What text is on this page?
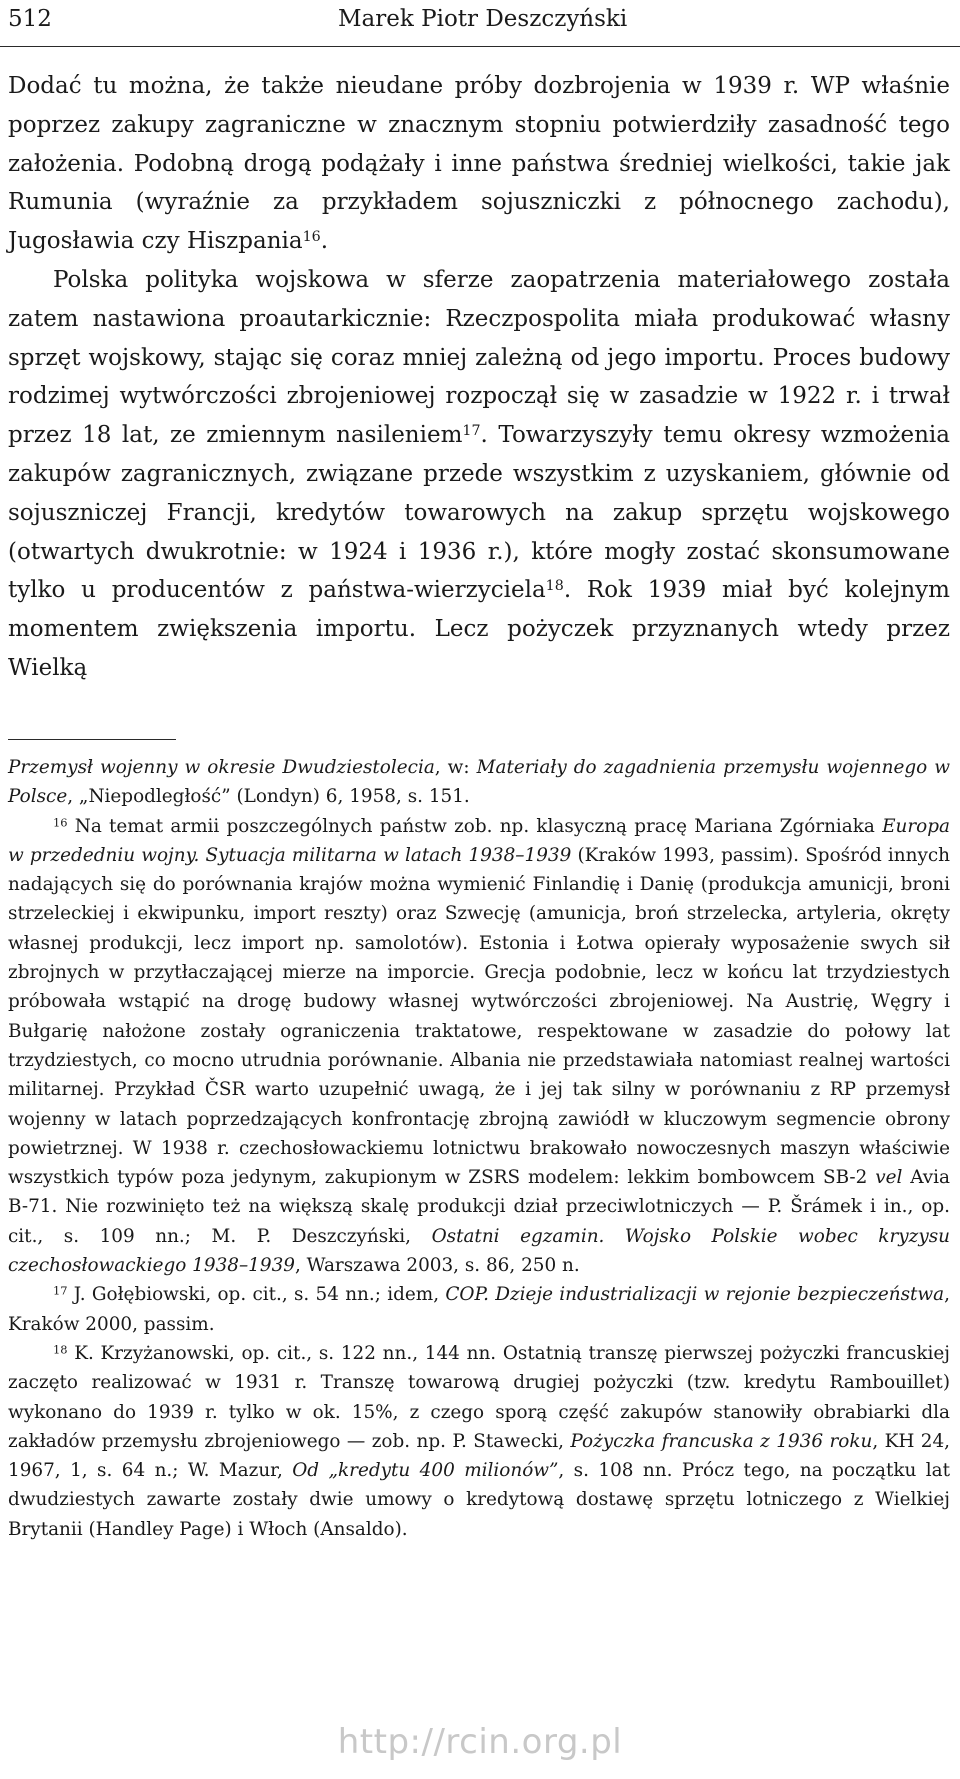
512	Marek Piotr Deszczyński

Dodać tu można, że także nieudane próby dozbrojenia w 1939 r. WP właśnie poprzez zakupy zagraniczne w znacznym stopniu potwierdziły zasadność tego założenia. Podobną drogą podążały i inne państwa średniej wielkości, takie jak Rumunia (wyraźnie za przykładem sojuszniczki z północnego zachodu), Jugosławia czy Hiszpania$^{16}$.

Polska polityka wojskowa w sferze zaopatrzenia materiałowego została zatem nastawiona proautarkicznie: Rzeczpospolita miała produkować własny sprzęt wojskowy, stając się coraz mniej zależną od jego importu. Proces budowy rodzimej wytwórczości zbrojeniowej rozpoczął się w zasadzie w 1922 r. i trwał przez 18 lat, ze zmiennym nasileniem$^{17}$. Towarzyszyły temu okresy wzmożenia zakupów zagranicznych, związane przede wszystkim z uzyskaniem, głównie od sojuszniczej Francji, kredytów towarowych na zakup sprzętu wojskowego (otwartych dwukrotnie: w 1924 i 1936 r.), które mogły zostać skonsumowane tylko u producentów z państwa-wierzyciela$^{18}$. Rok 1939 miał być kolejnym momentem zwiększenia importu. Lecz pożyczek przyznanych wtedy przez Wielką

Przemysł wojenny w okresie Dwudziestolecia, w: Materiały do zagadnienia przemysłu wojennego w Polsce, „Niepodległość” (Londyn) 6, 1958, s. 151.

$^{16}$ Na temat armii poszczególnych państw zob. np. klasyczną pracę Mariana Zgórniaka Europa w przededniu wojny. Sytuacja militarna w latach 1938–1939 (Kraków 1993, passim). Spośród innych nadających się do porównania krajów można wymienić Finlandię i Danię (produkcja amunicji, broni strzeleckiej i ekwipunku, import reszty) oraz Szwecję (amunicja, broń strzelecka, artyleria, okręty własnej produkcji, lecz import np. samolotów). Estonia i Łotwa opierały wyposażenie swych sił zbrojnych w przytłaczającej mierze na imporcie. Grecja podobnie, lecz w końcu lat trzydziestych próbowała wstąpić na drogę budowy własnej wytwórczości zbrojeniowej. Na Austrię, Węgry i Bułgarię nałożone zostały ograniczenia traktatowe, respektowane w zasadzie do połowy lat trzydziestych, co mocno utrudnia porównanie. Albania nie przedstawiała natomiast realnej wartości militarnej. Przykład ČSR warto uzupełnić uwagą, że i jej tak silny w porównaniu z RP przemysł wojenny w latach poprzedzających konfrontację zbrojną zawiódł w kluczowym segmencie obrony powietrznej. W 1938 r. czechosłowackiemu lotnictwu brakowało nowoczesnych maszyn właściwie wszystkich typów poza jedynym, zakupionym w ZSRS modelem: lekkim bombowcem SB-2 vel Avia B-71. Nie rozwinięto też na większą skalę produkcji dział przeciwlotniczych — P. Šrámek i in., op. cit., s. 109 nn.; M. P. Deszczyński, Ostatni egzamin. Wojsko Polskie wobec kryzysu czechosłowackiego 1938–1939, Warszawa 2003, s. 86, 250 n.

$^{17}$ J. Gołębiowski, op. cit., s. 54 nn.; idem, COP. Dzieje industrializacji w rejonie bezpieczeństwa, Kraków 2000, passim.

$^{18}$ K. Krzyżanowski, op. cit., s. 122 nn., 144 nn. Ostatnią transzę pierwszej pożyczki francuskiej zaczęto realizować w 1931 r. Transzę towarową drugiej pożyczki (tzw. kredytu Rambouillet) wykonano do 1939 r. tylko w ok. 15%, z czego sporą część zakupów stanowiły obrabiarki dla zakładów przemysłu zbrojeniowego — zob. np. P. Stawecki, Pożyczka francuska z 1936 roku, KH 24, 1967, 1, s. 64 n.; W. Mazur, Od „kredytu 400 milionów”, s. 108 nn. Prócz tego, na początku lat dwudziestych zawarte zostały dwie umowy o kredytową dostawę sprzętu lotniczego z Wielkiej Brytanii (Handley Page) i Włoch (Ansaldo).

http://rcin.org.pl
